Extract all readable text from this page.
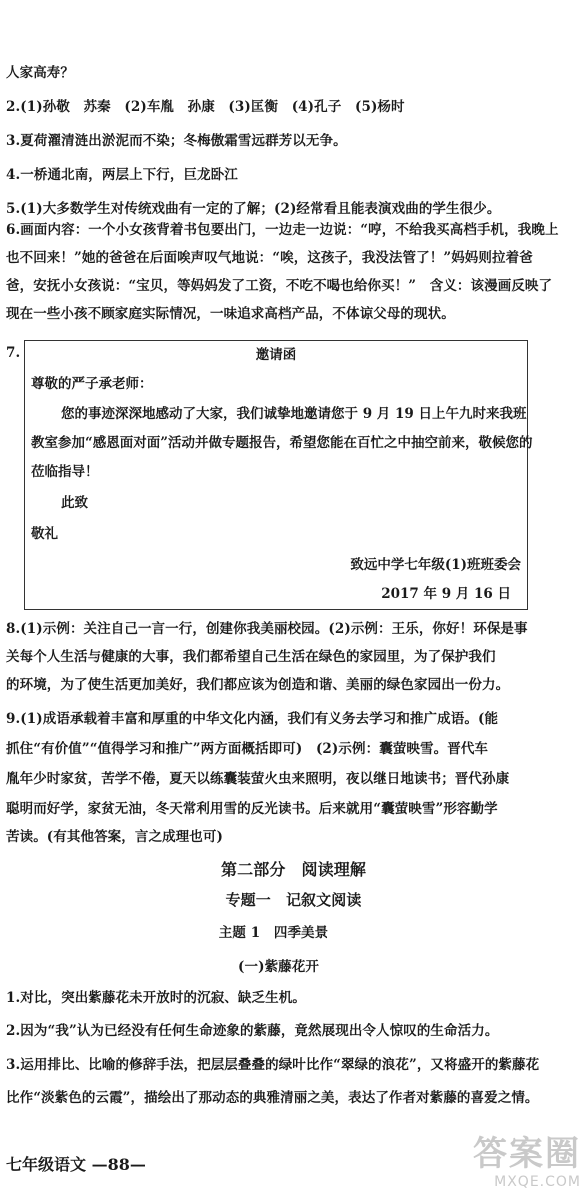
人家高寿？
2.(1)孙敬　苏秦　(2)车胤　孙康　(3)匡衡　(4)孔子　(5)杨时
3.夏荷濯清涟出淤泥而不染；冬梅傲霜雪远群芳以无争。
4.一桥通北南，两层上下行，巨龙卧江
5.(1)大多数学生对传统戏曲有一定的了解；(2)经常看且能表演戏曲的学生很少。
6.画面内容：一个小女孩背着书包要出门，一边走一边说：“哼，不给我买高档手机，我晚上
也不回来！”她的爸爸在后面唉声叹气地说：“唉，这孩子，我没法管了！”妈妈则拉着爸
爸，安抚小女孩说：“宝贝，等妈妈发了工资，不吃不喝也给你买！”　含义：该漫画反映了
现在一些小孩不顾家庭实际情况，一味追求高档产品，不体谅父母的现状。
7.	邀请函
尊敬的严子承老师：
您的事迹深深地感动了大家，我们诚挚地邀请您于 9 月 19 日上午九时来我班
教室参加“感恩面对面”活动并做专题报告，希望您能在百忙之中抽空前来，敬候您的
莅临指导！
此致
敬礼
致远中学七年级(1)班班委会
2017 年 9 月 16 日
8.(1)示例：关注自己一言一行，创建你我美丽校园。(2)示例：王乐，你好！环保是事
关每个人生活与健康的大事，我们都希望自己生活在绿色的家园里，为了保护我们
的环境，为了使生活更加美好，我们都应该为创造和谐、美丽的绿色家园出一份力。
9.(1)成语承载着丰富和厚重的中华文化内涵，我们有义务去学习和推广成语。(能
抓住“有价值”“值得学习和推广”两方面概括即可)　(2)示例：囊萤映雪。晋代车
胤年少时家贫，苦学不倦，夏天以练囊装萤火虫来照明，夜以继日地读书；晋代孙康
聪明而好学，家贫无油，冬天常利用雪的反光读书。后来就用“囊萤映雪”形容勤学
苦读。(有其他答案，言之成理也可)
第二部分　阅读理解
专题一　记叙文阅读
主题 1　四季美景
(一)紫藤花开
1.对比，突出紫藤花未开放时的沉寂、缺乏生机。
2.因为“我”认为已经没有任何生命迹象的紫藤，竟然展现出令人惊叹的生命活力。
3.运用排比、比喻的修辞手法，把层层叠叠的绿叶比作“翠绿的浪花”，又将盛开的紫藤花
比作“淡紫色的云霞”，描绘出了那动态的典雅清丽之美，表达了作者对紫藤的喜爱之情。
七年级语文 —88—	答案圈
MXQE.COM
